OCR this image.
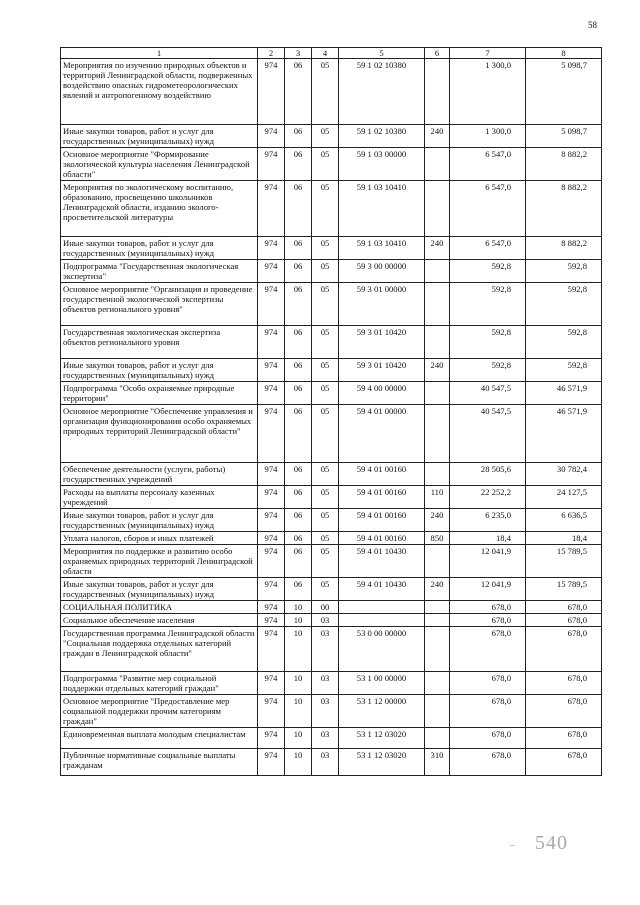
58
1	2	3	4	5	6	7	8
Мероприятия по изучению природных объектов и территорий Ленинградской области, подверженных воздействию опасных гидрометеорологических явлений и антропогенному воздействию	974	06	05	59 1 02 10380		1 300,0	5 098,7
Иные закупки товаров, работ и услуг для государственных (муниципальных) нужд	974	06	05	59 1 02 10380	240	1 300,0	5 098,7
Основное мероприятие "Формирование экологической культуры населения Ленинградской области"	974	06	05	59 1 03 00000		6 547,0	8 882,2
Мероприятия по экологическому воспитанию, образованию, просвещению школьников Ленинградской области, изданию эколого-просветительской литературы	974	06	05	59 1 03 10410		6 547,0	8 882,2
Иные закупки товаров, работ и услуг для государственных (муниципальных) нужд	974	06	05	59 1 03 10410	240	6 547,0	8 882,2
Подпрограмма "Государственная экологическая экспертиза"	974	06	05	59 3 00 00000		592,8	592,8
Основное мероприятие "Организация и проведение государственной экологической экспертизы объектов регионального уровня"	974	06	05	59 3 01 00000		592,8	592,8
Государственная экологическая экспертиза объектов регионального уровня	974	06	05	59 3 01 10420		592,8	592,8
Иные закупки товаров, работ и услуг для государственных (муниципальных) нужд	974	06	05	59 3 01 10420	240	592,8	592,8
Подпрограмма "Особо охраняемые природные территории"	974	06	05	59 4 00 00000		40 547,5	46 571,9
Основное мероприятие "Обеспечение управления и организация функционирования особо охраняемых природных территорий Ленинградской области"	974	06	05	59 4 01 00000		40 547,5	46 571,9
Обеспечение деятельности (услуги, работы) государственных учреждений	974	06	05	59 4 01 00160		28 505,6	30 782,4
Расходы на выплаты персоналу казенных учреждений	974	06	05	59 4 01 00160	110	22 252,2	24 127,5
Иные закупки товаров, работ и услуг для государственных (муниципальных) нужд	974	06	05	59 4 01 00160	240	6 235,0	6 636,5
Уплата налогов, сборов и иных платежей	974	06	05	59 4 01 00160	850	18,4	18,4
Мероприятия по поддержке и развитию особо охраняемых природных территорий Ленинградской области	974	06	05	59 4 01 10430		12 041,9	15 789,5
Иные закупки товаров, работ и услуг для государственных (муниципальных) нужд	974	06	05	59 4 01 10430	240	12 041,9	15 789,5
СОЦИАЛЬНАЯ ПОЛИТИКА	974	10	00			678,0	678,0
Социальное обеспечение населения	974	10	03			678,0	678,0
Государственная программа Ленинградской области "Социальная поддержка отдельных категорий граждан в Ленинградской области"	974	10	03	53 0 00 00000		678,0	678,0
Подпрограмма "Развитие мер социальной поддержки отдельных категорий граждан"	974	10	03	53 1 00 00000		678,0	678,0
Основное мероприятие "Предоставление мер социальной поддержки прочим категориям граждан"	974	10	03	53 1 12 00000		678,0	678,0
Единовременная выплата молодым специалистам	974	10	03	53 1 12 03020		678,0	678,0
Публичные нормативные социальные выплаты гражданам	974	10	03	53 1 12 03020	310	678,0	678,0
– 540
